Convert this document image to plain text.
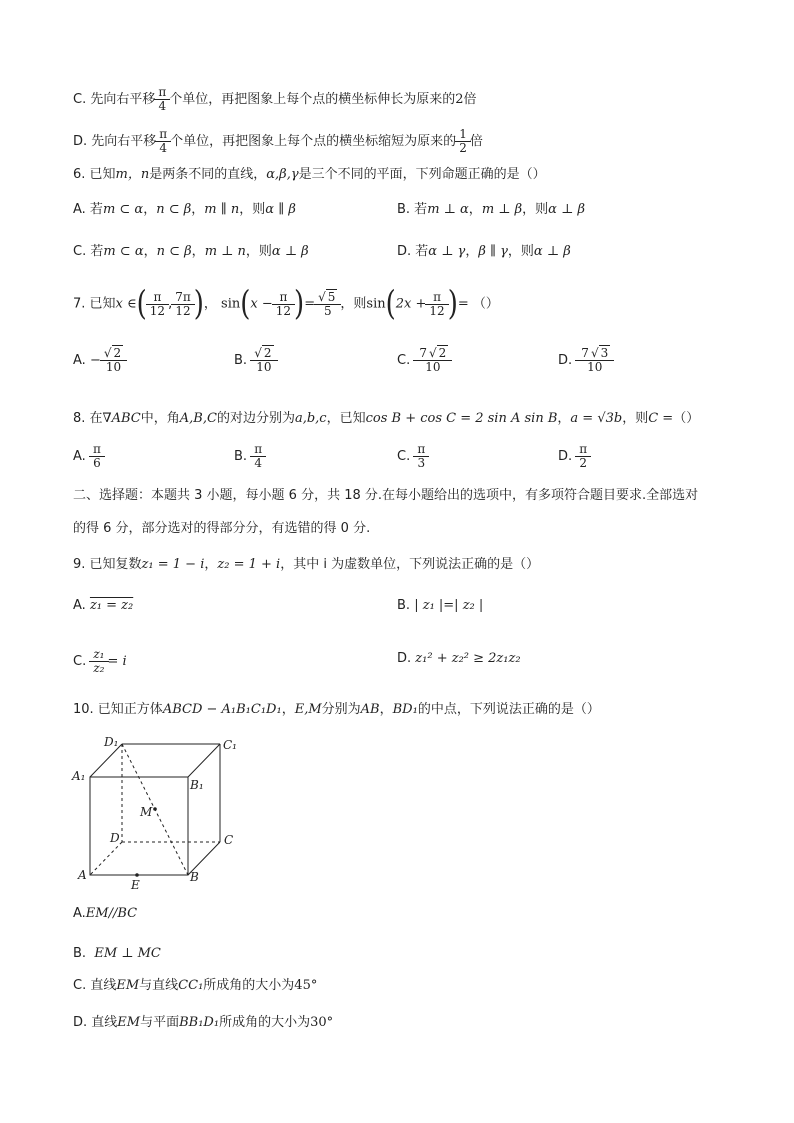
C. 先向右平移 $\frac{\pi}{4}$ 个单位，再把图象上每个点的横坐标伸长为原来的2倍
D. 先向右平移 $\frac{\pi}{4}$ 个单位，再把图象上每个点的横坐标缩短为原来的 $\frac{1}{2}$ 倍
6. 已知m，n是两条不同的直线，α,β,γ是三个不同的平面，下列命题正确的是（）
A. 若m ⊂ α，n ⊂ β，m ∥ n，则α ∥ β	B. 若m ⊥ α，m ⊥ β，则α ⊥ β
C. 若m ⊂ α，n ⊂ β，m ⊥ n，则α ⊥ β	D. 若α ⊥ γ，β ∥ γ，则α ⊥ β
7. 已知x ∈( $\frac{\pi}{12}$ , $\frac{7\pi}{12}$ )， $\sin(x - \frac{\pi}{12}$ )= $\frac{√ 5}{5}$ ，则$\sin(2x + \frac{\pi}{12}$ )= （）
A. − $\frac{√ 2}{10}$	B. $\frac{√ 2}{10}$	C. $\frac{7 √ 2}{10}$	D. $\frac{7 √ 3}{10}$
8. 在∇ABC中，角A,B,C的对边分别为a,b,c，已知cos B + cos C = 2 sin A sin B，a = √3b，则C =（）
A. $\frac{\pi}{6}$	B. $\frac{\pi}{4}$	C. $\frac{\pi}{3}$	D. $\frac{\pi}{2}$
二、选择题：本题共 3 小题，每小题 6 分，共 18 分.在每小题给出的选项中，有多项符合题目要求.全部选对
的得 6 分，部分选对的得部分分，有选错的得 0 分.
9. 已知复数z₁ = 1 − i，z₂ = 1 + i，其中 i 为虚数单位，下列说法正确的是（）
A. z₁ = z₂	B. | z₁ |=| z₂ |
C. $\frac{\text{z₁}}{\text{z₂}} = i$	D. z₁² + z₂² ≥ 2z₁z₂
10. 已知正方体ABCD − A₁B₁C₁D₁，E,M分别为AB，BD₁的中点，下列说法正确的是（）
D₁	C₁
A₁
B₁
M
D	C
A	B
E
A.EM//BC
B. EM ⊥ MC
C. 直线EM与直线CC₁所成角的大小为45°
D. 直线EM与平面BB₁D₁所成角的大小为30°
